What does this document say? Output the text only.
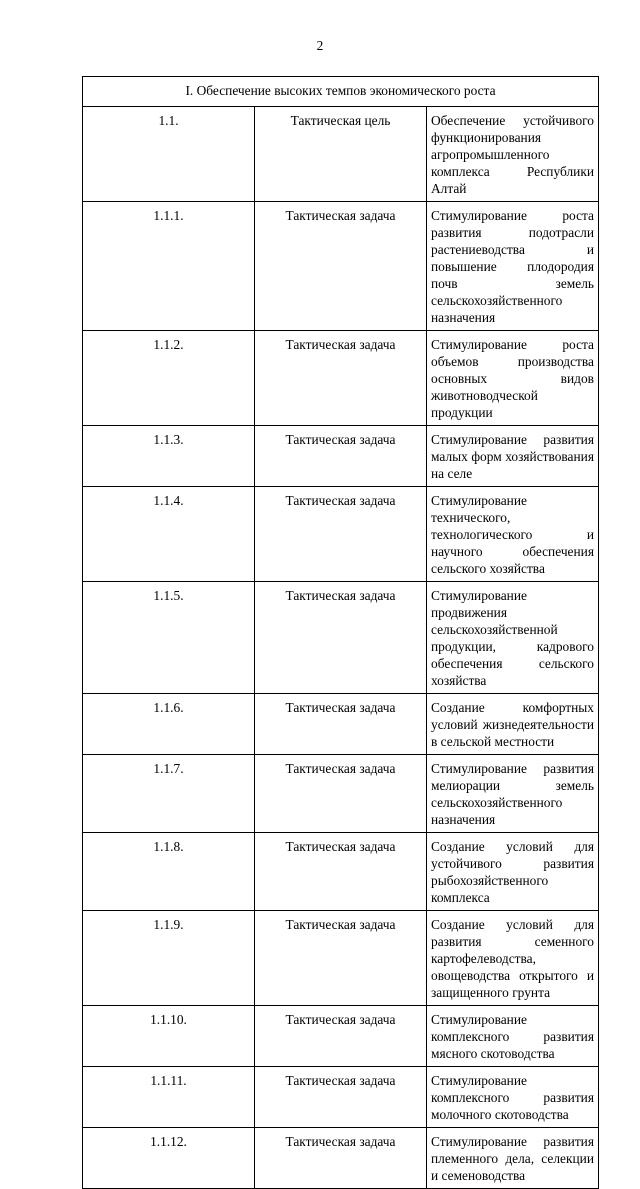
2
I. Обеспечение высоких темпов экономического роста		
1.1.	Тактическая цель	Обеспечение устойчивого функционирования агропромышленного комплекса Республики Алтай
1.1.1.	Тактическая задача	Стимулирование роста развития подотрасли растениеводства и повышение плодородия почв земель сельскохозяйственного назначения
1.1.2.	Тактическая задача	Стимулирование роста объемов производства основных видов животноводческой продукции
1.1.3.	Тактическая задача	Стимулирование развития малых форм хозяйствования на селе
1.1.4.	Тактическая задача	Стимулирование технического, технологического и научного обеспечения сельского хозяйства
1.1.5.	Тактическая задача	Стимулирование продвижения сельскохозяйственной продукции, кадрового обеспечения сельского хозяйства
1.1.6.	Тактическая задача	Создание комфортных условий жизнедеятельности в сельской местности
1.1.7.	Тактическая задача	Стимулирование развития мелиорации земель сельскохозяйственного назначения
1.1.8.	Тактическая задача	Создание условий для устойчивого развития рыбохозяйственного комплекса
1.1.9.	Тактическая задача	Создание условий для развития семенного картофелеводства, овощеводства открытого и защищенного грунта
1.1.10.	Тактическая задача	Стимулирование комплексного развития мясного скотоводства
1.1.11.	Тактическая задача	Стимулирование комплексного развития молочного скотоводства
1.1.12.	Тактическая задача	Стимулирование развития племенного дела, селекции и семеноводства
